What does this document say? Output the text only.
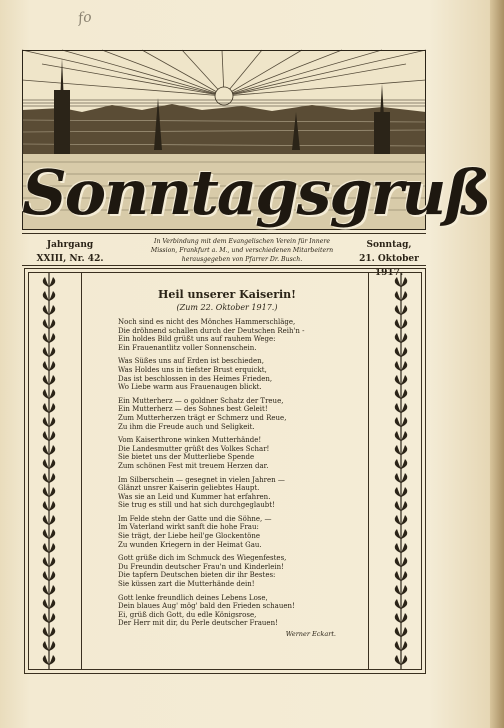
fo
Sonntagsgruß
Jahrgang
XXIII, Nr. 42.
In Verbindung mit dem Evangelischen Verein für Innere
Mission, Frankfurt a. M., und verschiedenen Mitarbeitern
herausgegeben von Pfarrer Dr. Busch.
Sonntag,
21. Oktober 1917.
Heil unserer Kaiserin!
(Zum 22. Oktober 1917.)
Noch sind es nicht des Mönches Hammerschläge,
Die dröhnend schallen durch der Deutschen Reih'n -
Ein holdes Bild grüßt uns auf rauhem Wege:
Ein Frauenantlitz voller Sonnenschein.
Was Süßes uns auf Erden ist beschieden,
Was Holdes uns in tiefster Brust erquickt,
Das ist beschlossen in des Heimes Frieden,
Wo Liebe warm aus Frauenaugen blickt.
Ein Mutterherz — o goldner Schatz der Treue,
Ein Mutterherz — des Sohnes best Geleit!
Zum Mutterherzen trägt er Schmerz und Reue,
Zu ihm die Freude auch und Seligkeit.
Vom Kaiserthrone winken Mutterhände!
Die Landesmutter grüßt des Volkes Schar!
Sie bietet uns der Mutterliebe Spende
Zum schönen Fest mit treuem Herzen dar.
Im Silberschein — gesegnet in vielen Jahren —
Glänzt unsrer Kaiserin geliebtes Haupt.
Was sie an Leid und Kummer hat erfahren.
Sie trug es still und hat sich durchgeglaubt!
Im Felde stehn der Gatte und die Söhne, —
Im Vaterland wirkt sanft die hohe Frau:
Sie trägt, der Liebe heil'ge Glockentöne
Zu wunden Kriegern in der Heimat Gau.
Gott grüße dich im Schmuck des Wiegenfestes,
Du Freundin deutscher Frau'n und Kinderlein!
Die tapfern Deutschen bieten dir ihr Bestes:
Sie küssen zart die Mutterhände dein!
Gott lenke freundlich deines Lebens Lose,
Dein blaues Aug' mög' bald den Frieden schauen!
Ei, grüß dich Gott, du edle Königsrose,
Der Herr mit dir, du Perle deutscher Frauen!
Werner Eckart.
